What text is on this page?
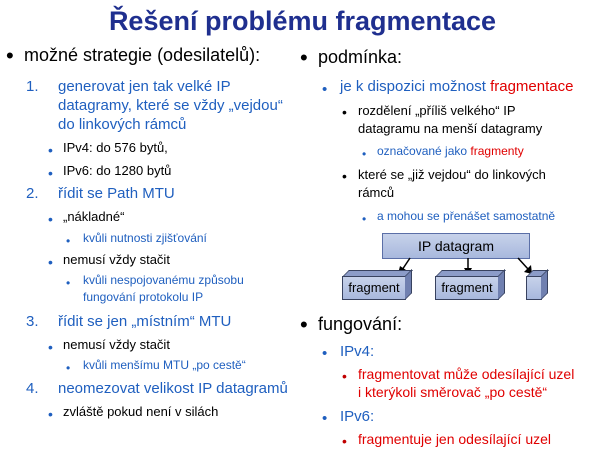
Řešení problému fragmentace
• možné strategie (odesilatelů):
1. generovat jen tak velké IP
datagramy, které se vždy „vejdou“
do linkových rámců
• IPv4: do 576 bytů,
• IPv6: do 1280 bytů
2. řídit se Path MTU
• „nákladné“
• kvůli nutnosti zjišťování
• nemusí vždy stačit
• kvůli nespojovanému způsobu
fungování protokolu IP
3. řídit se jen „místním“ MTU
• nemusí vždy stačit
• kvůli menšímu MTU „po cestě“
4. neomezovat velikost IP datagramů
• zvláště pokud není v silách
• podmínka:
• je k dispozici možnost fragmentace
• rozdělení „příliš velkého“ IP
datagramu na menší datagramy
• označované jako fragmenty
• které se „již vejdou“ do linkových
rámců
• a mohou se přenášet samostatně
IP datagram
fragment	fragment
• fungování:
• IPv4:
• fragmentovat může odesílající uzel
i kterýkoli směrovač „po cestě“
• IPv6:
• fragmentuje jen odesílající uzel
